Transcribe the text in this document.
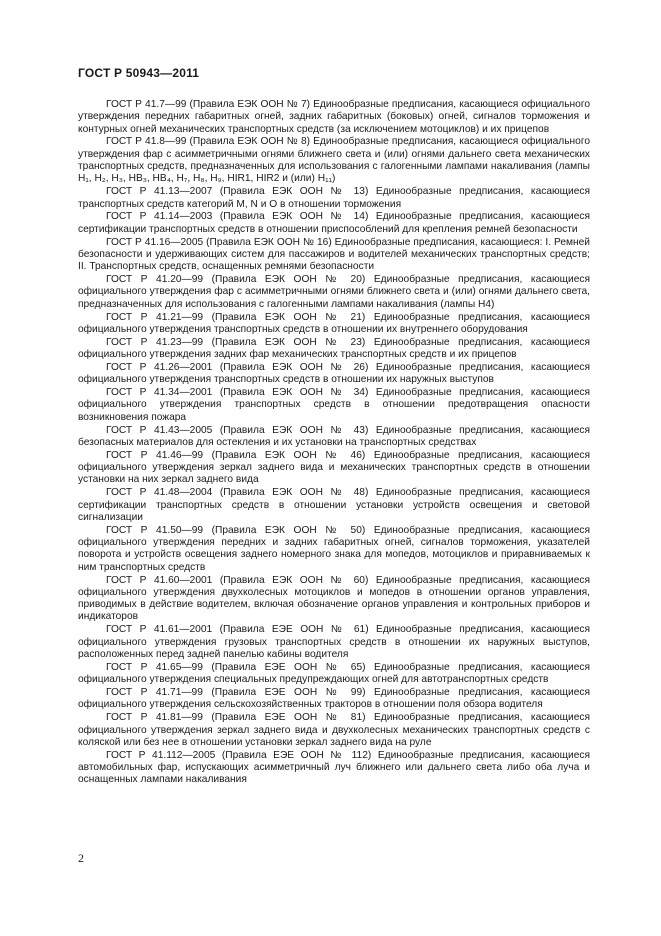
ГОСТ Р 50943—2011

ГОСТ Р 41.7—99 (Правила ЕЭК ООН № 7) Единообразные предписания, касающиеся официального утверждения передних габаритных огней, задних габаритных (боковых) огней, сигналов торможения и контурных огней механических транспортных средств (за исключением мотоциклов) и их прицепов

ГОСТ Р 41.8—99 (Правила ЕЭК ООН № 8) Единообразные предписания, касающиеся официального утверждения фар с асимметричными огнями ближнего света и (или) огнями дальнего света механических транспортных средств, предназначенных для использования с галогенными лампами накаливания (лампы H₁, H₂, H₃, HB₃, HB₄, H₇, H₈, H₉, HIR1, HIR2 и (или) H₁₁)

ГОСТ Р 41.13—2007 (Правила ЕЭК ООН № 13) Единообразные предписания, касающиеся транспортных средств категорий M, N и O в отношении торможения

ГОСТ Р 41.14—2003 (Правила ЕЭК ООН № 14) Единообразные предписания, касающиеся сертификации транспортных средств в отношении приспособлений для крепления ремней безопасности

ГОСТ Р 41.16—2005 (Правила ЕЭК ООН № 16) Единообразные предписания, касающиеся: I. Ремней безопасности и удерживающих систем для пассажиров и водителей механических транспортных средств; II. Транспортных средств, оснащенных ремнями безопасности

ГОСТ Р 41.20—99 (Правила ЕЭК ООН № 20) Единообразные предписания, касающиеся официального утверждения фар с асимметричными огнями ближнего света и (или) огнями дальнего света, предназначенных для использования с галогенными лампами накаливания (лампы H4)

ГОСТ Р 41.21—99 (Правила ЕЭК ООН № 21) Единообразные предписания, касающиеся официального утверждения транспортных средств в отношении их внутреннего оборудования

ГОСТ Р 41.23—99 (Правила ЕЭК ООН № 23) Единообразные предписания, касающиеся официального утверждения задних фар механических транспортных средств и их прицепов

ГОСТ Р 41.26—2001 (Правила ЕЭК ООН № 26) Единообразные предписания, касающиеся официального утверждения транспортных средств в отношении их наружных выступов

ГОСТ Р 41.34—2001 (Правила ЕЭК ООН № 34) Единообразные предписания, касающиеся официального утверждения транспортных средств в отношении предотвращения опасности возникновения пожара

ГОСТ Р 41.43—2005 (Правила ЕЭК ООН № 43) Единообразные предписания, касающиеся безопасных материалов для остекления и их установки на транспортных средствах

ГОСТ Р 41.46—99 (Правила ЕЭК ООН № 46) Единообразные предписания, касающиеся официального утверждения зеркал заднего вида и механических транспортных средств в отношении установки на них зеркал заднего вида

ГОСТ Р 41.48—2004 (Правила ЕЭК ООН № 48) Единообразные предписания, касающиеся сертификации транспортных средств в отношении установки устройств освещения и световой сигнализации

ГОСТ Р 41.50—99 (Правила ЕЭК ООН № 50) Единообразные предписания, касающиеся официального утверждения передних и задних габаритных огней, сигналов торможения, указателей поворота и устройств освещения заднего номерного знака для мопедов, мотоциклов и приравниваемых к ним транспортных средств

ГОСТ Р 41.60—2001 (Правила ЕЭК ООН № 60) Единообразные предписания, касающиеся официального утверждения двухколесных мотоциклов и мопедов в отношении органов управления, приводимых в действие водителем, включая обозначение органов управления и контрольных приборов и индикаторов

ГОСТ Р 41.61—2001 (Правила ЕЭЕ ООН № 61) Единообразные предписания, касающиеся официального утверждения грузовых транспортных средств в отношении их наружных выступов, расположенных перед задней панелью кабины водителя

ГОСТ Р 41.65—99 (Правила ЕЭЕ ООН № 65) Единообразные предписания, касающиеся официального утверждения специальных предупреждающих огней для автотранспортных средств

ГОСТ Р 41.71—99 (Правила ЕЭЕ ООН № 99) Единообразные предписания, касающиеся официального утверждения сельскохозяйственных тракторов в отношении поля обзора водителя

ГОСТ Р 41.81—99 (Правила ЕЭЕ ООН № 81) Единообразные предписания, касающиеся официального утверждения зеркал заднего вида и двухколесных механических транспортных средств с коляской или без нее в отношении установки зеркал заднего вида на руле

ГОСТ Р 41.112—2005 (Правила ЕЭЕ ООН № 112) Единообразные предписания, касающиеся автомобильных фар, испускающих асимметричный луч ближнего или дальнего света либо оба луча и оснащенных лампами накаливания

2
